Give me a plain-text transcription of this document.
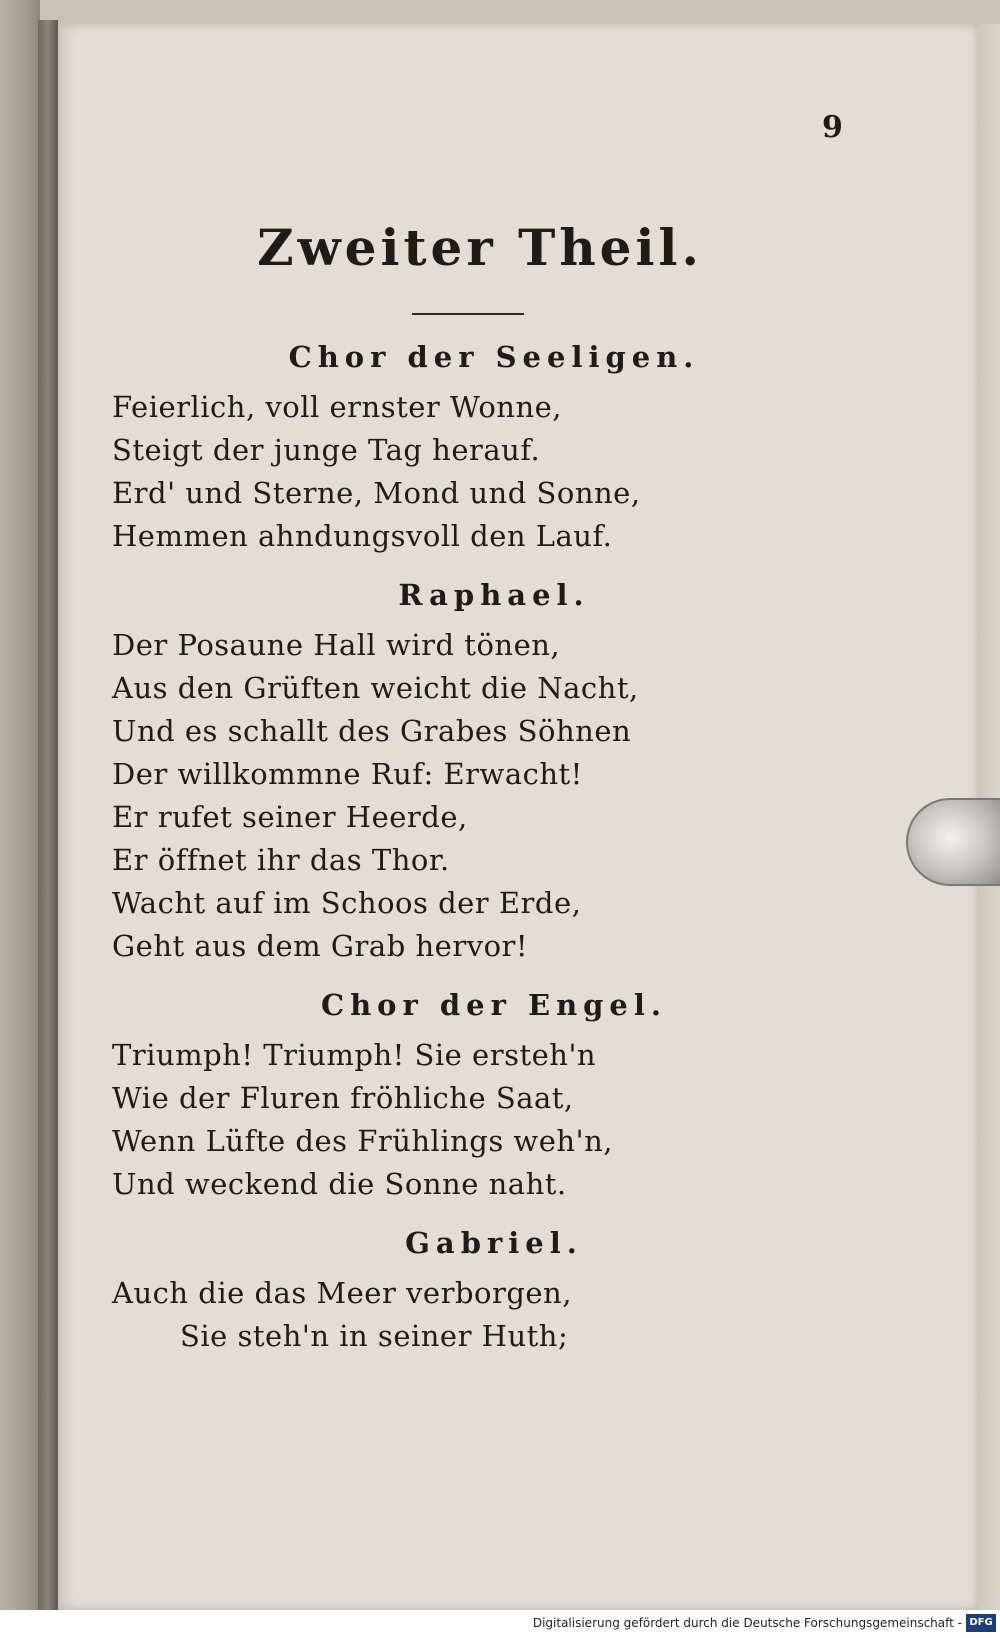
9
Zweiter Theil.
Chor der Seeligen.
Feierlich, voll ernster Wonne,
Steigt der junge Tag herauf.
Erd' und Sterne, Mond und Sonne,
Hemmen ahndungsvoll den Lauf.
Raphael.
Der Posaune Hall wird tönen,
Aus den Grüften weicht die Nacht,
Und es schallt des Grabes Söhnen
Der willkommne Ruf: Erwacht!
Er rufet seiner Heerde,
Er öffnet ihr das Thor.
Wacht auf im Schoos der Erde,
Geht aus dem Grab hervor!
Chor der Engel.
Triumph! Triumph! Sie ersteh'n
Wie der Fluren fröhliche Saat,
Wenn Lüfte des Frühlings weh'n,
Und weckend die Sonne naht.
Gabriel.
Auch die das Meer verborgen,
Sie steh'n in seiner Huth;
Digitalisierung gefördert durch die Deutsche Forschungsgemeinschaft - DFG
